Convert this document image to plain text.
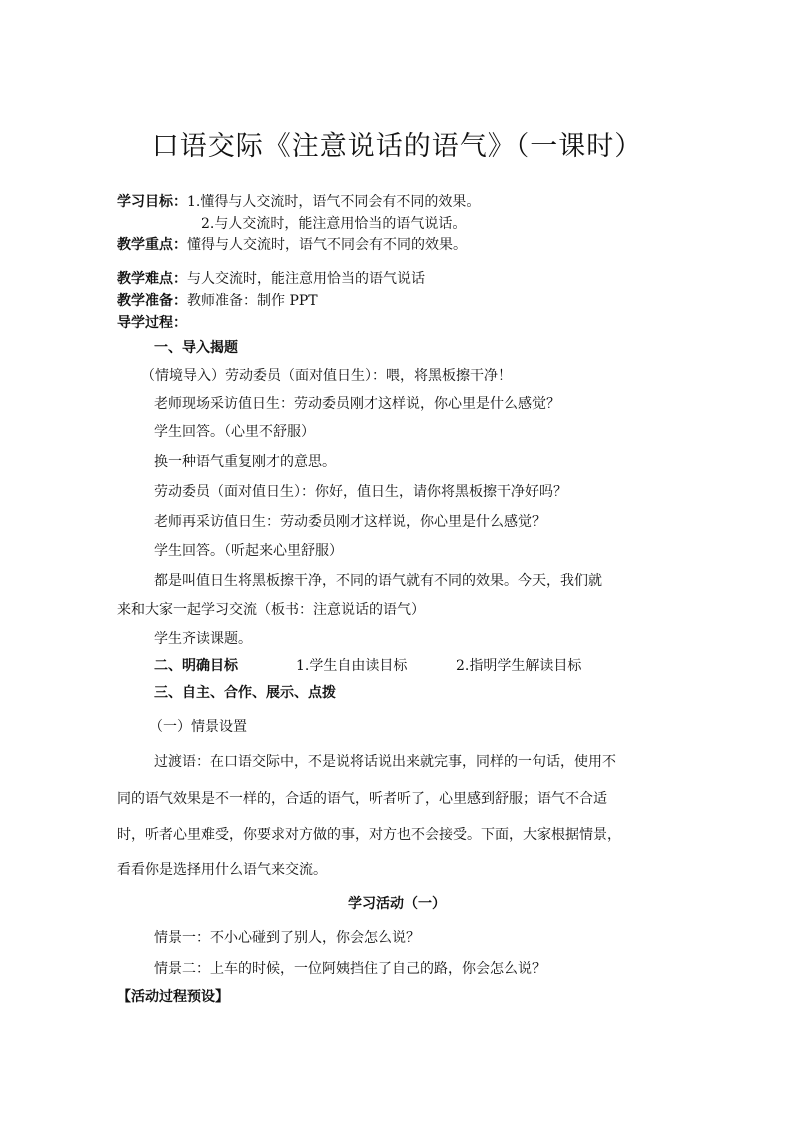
口语交际《注意说话的语气》（一课时）
学习目标：1.懂得与人交流时，语气不同会有不同的效果。
2.与人交流时，能注意用恰当的语气说话。
教学重点：懂得与人交流时，语气不同会有不同的效果。
教学难点：与人交流时，能注意用恰当的语气说话
教学准备：教师准备：制作 PPT
导学过程：
一、导入揭题
（情境导入）劳动委员（面对值日生）：喂，将黑板擦干净！
老师现场采访值日生：劳动委员刚才这样说，你心里是什么感觉？
学生回答。（心里不舒服）
换一种语气重复刚才的意思。
劳动委员（面对值日生）：你好，值日生，请你将黑板擦干净好吗？
老师再采访值日生：劳动委员刚才这样说，你心里是什么感觉？
学生回答。（听起来心里舒服）
都是叫值日生将黑板擦干净，不同的语气就有不同的效果。今天，我们就
来和大家一起学习交流（板书：注意说话的语气）
学生齐读课题。
二、明确目标	1.学生自由读目标	2.指明学生解读目标
三、自主、合作、展示、点拨
（一）情景设置
过渡语：在口语交际中，不是说将话说出来就完事，同样的一句话，使用不
同的语气效果是不一样的，合适的语气，听者听了，心里感到舒服；语气不合适
时，听者心里难受，你要求对方做的事，对方也不会接受。下面，大家根据情景，
看看你是选择用什么语气来交流。
学习活动（一）
情景一：不小心碰到了别人，你会怎么说？
情景二：上车的时候，一位阿姨挡住了自己的路，你会怎么说？
【活动过程预设】
